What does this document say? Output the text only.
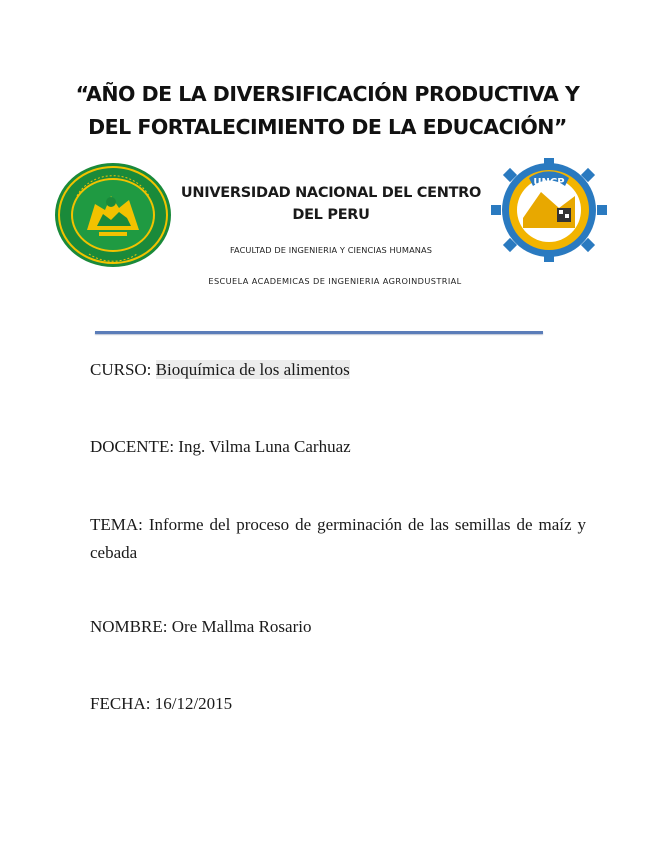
“AÑO DE LA DIVERSIFICACIÓN PRODUCTIVA Y
DEL FORTALECIMIENTO DE LA EDUCACIÓN”
UNCP
UNIVERSIDAD NACIONAL DEL CENTRO
DEL PERU
FACULTAD DE INGENIERIA Y CIENCIAS HUMANAS
ESCUELA ACADEMICAS DE INGENIERIA AGROINDUSTRIAL
CURSO: Bioquímica de los alimentos
DOCENTE: Ing. Vilma Luna Carhuaz
TEMA: Informe del proceso de germinación de las semillas de maíz y cebada
NOMBRE: Ore Mallma Rosario
FECHA: 16/12/2015
